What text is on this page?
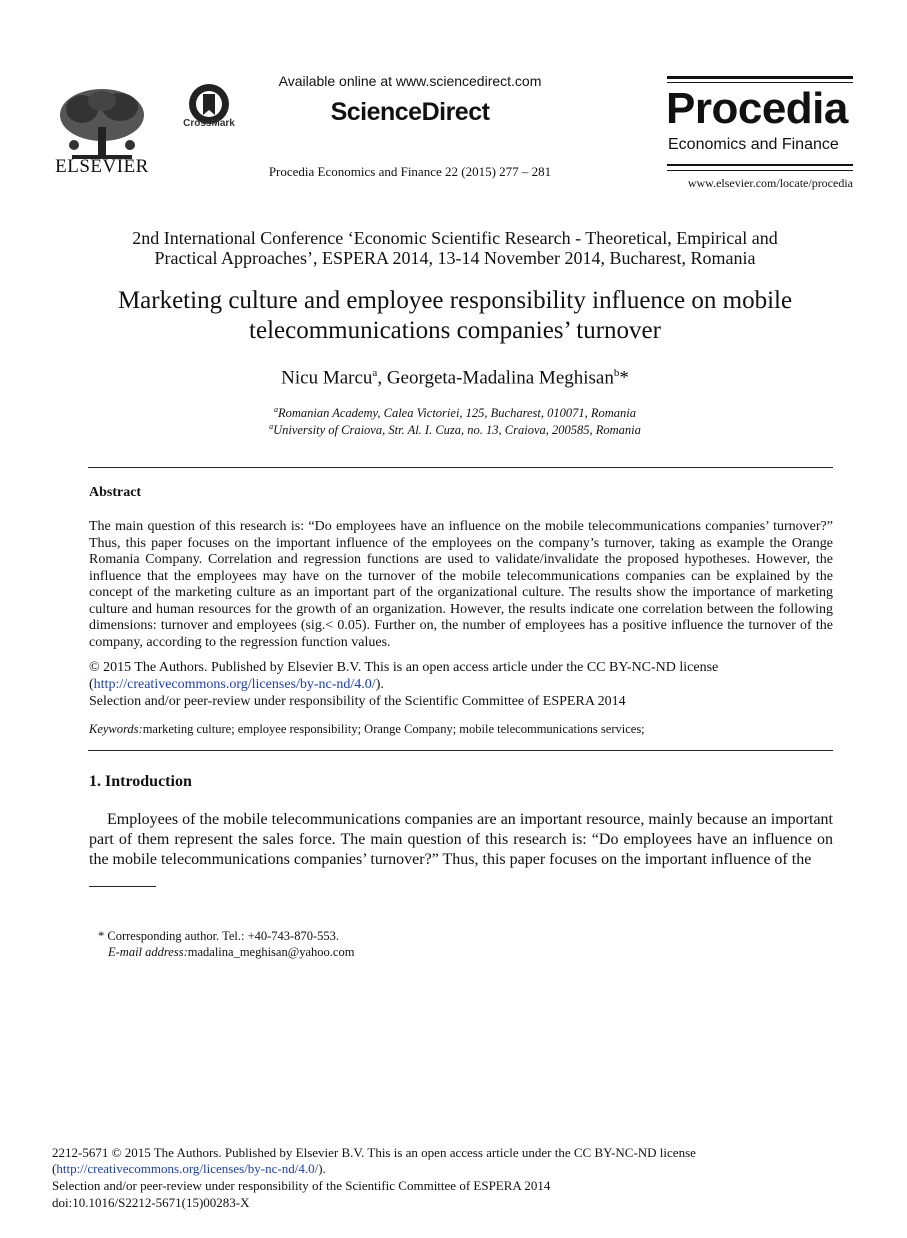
ELSEVIER
CrossMark
Available online at www.sciencedirect.com
ScienceDirect
Procedia Economics and Finance 22 (2015) 277 – 281
Procedia
Economics and Finance
www.elsevier.com/locate/procedia
2nd International Conference ‘Economic Scientific Research - Theoretical, Empirical and
Practical Approaches’, ESPERA 2014, 13-14 November 2014, Bucharest, Romania
Marketing culture and employee responsibility influence on mobile
telecommunications companies’ turnover
Nicu Marcu$^a$, Georgeta-Madalina Meghisan$^b$*
$^a$Romanian Academy, Calea Victoriei, 125, Bucharest, 010071, Romania
$^a$University of Craiova, Str. Al. I. Cuza, no. 13, Craiova, 200585, Romania
Abstract
The main question of this research is: “Do employees have an influence on the mobile telecommunications companies’ turnover?” Thus, this paper focuses on the important influence of the employees on the company’s turnover, taking as example the Orange Romania Company. Correlation and regression functions are used to validate/invalidate the proposed hypotheses. However, the influence that the employees may have on the turnover of the mobile telecommunications companies can be explained by the concept of the marketing culture as an important part of the organizational culture. The results show the importance of marketing culture and human resources for the growth of an organization. However, the results indicate one correlation between the following dimensions: turnover and employees (sig.< 0.05). Further on, the number of employees has a positive influence the turnover of the company, according to the regression function values.
© 2015 The Authors. Published by Elsevier B.V. This is an open access article under the CC BY-NC-ND license
(http://creativecommons.org/licenses/by-nc-nd/4.0/).
Selection and/or peer-review under responsibility of the Scientific Committee of ESPERA 2014
Keywords:marketing culture; employee responsibility; Orange Company; mobile telecommunications services;
1. Introduction
Employees of the mobile telecommunications companies are an important resource, mainly because an important part of them represent the sales force. The main question of this research is: “Do employees have an influence on the mobile telecommunications companies’ turnover?” Thus, this paper focuses on the important influence of the
* Corresponding author. Tel.: +40-743-870-553.
E-mail address:madalina_meghisan@yahoo.com
2212-5671 © 2015 The Authors. Published by Elsevier B.V. This is an open access article under the CC BY-NC-ND license
(http://creativecommons.org/licenses/by-nc-nd/4.0/).
Selection and/or peer-review under responsibility of the Scientific Committee of ESPERA 2014
doi:10.1016/S2212-5671(15)00283-X
